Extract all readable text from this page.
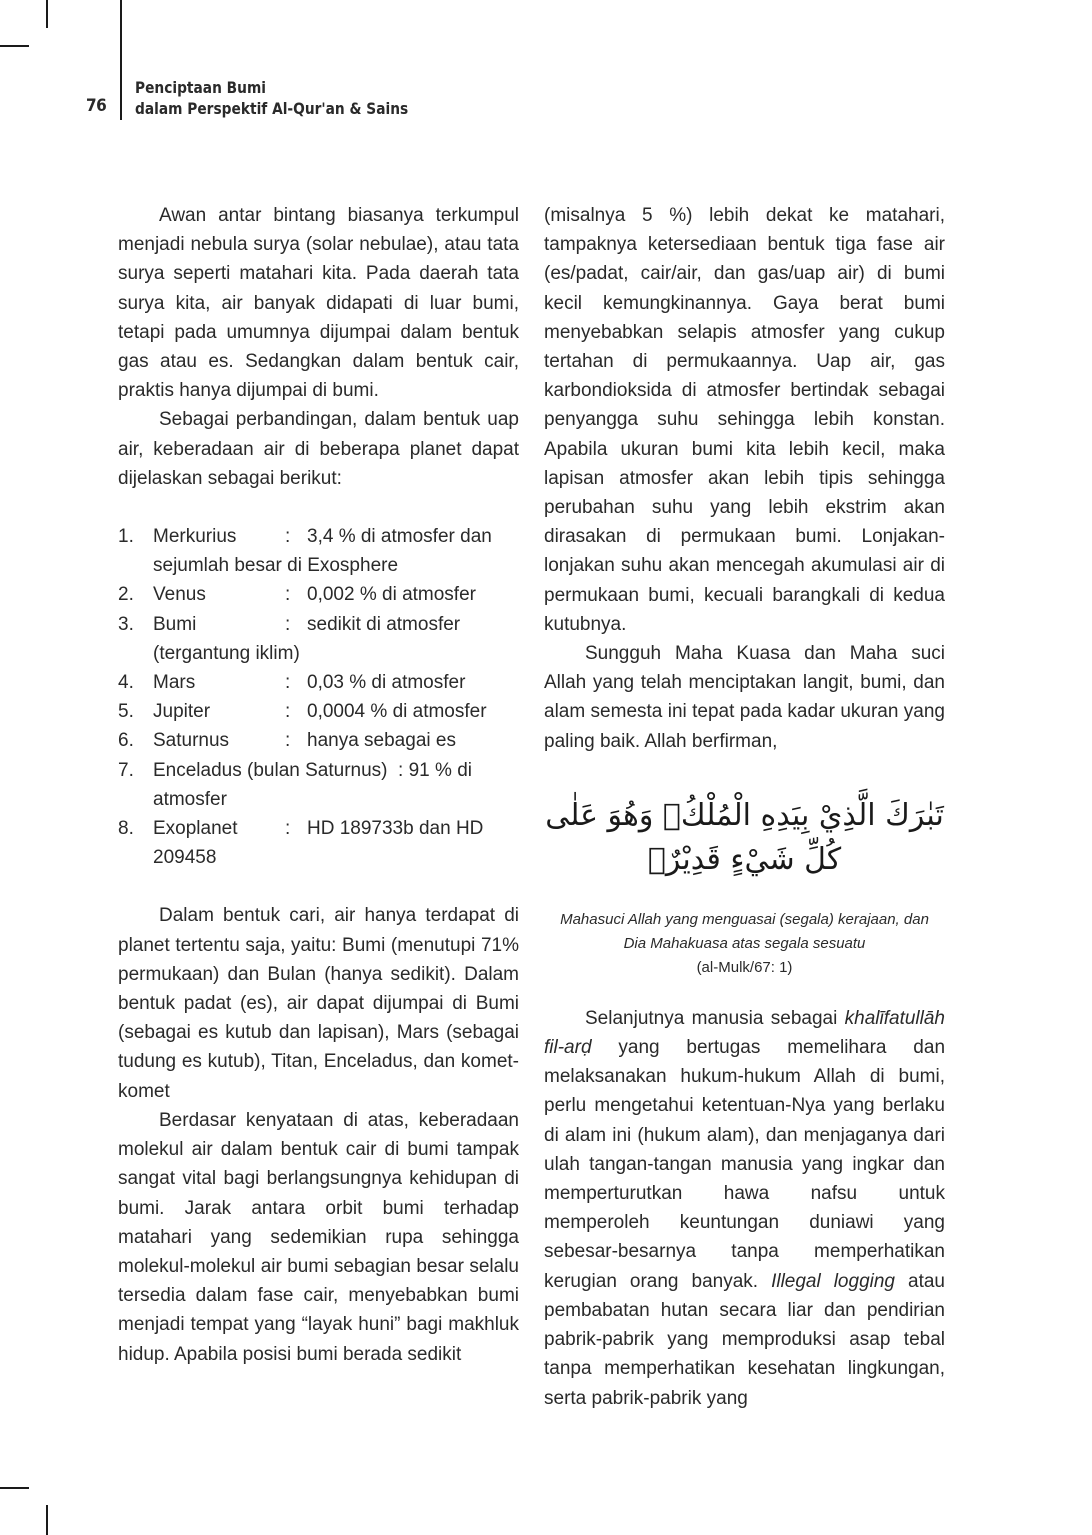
76
Penciptaan Bumi
dalam Perspektif Al-Qur'an & Sains

Awan antar bintang biasanya terkumpul menjadi nebula surya (solar nebulae), atau tata surya seperti matahari kita. Pada daerah tata surya kita, air banyak didapati di luar bumi, tetapi pada umumnya dijumpai dalam bentuk gas atau es. Sedangkan dalam bentuk cair, praktis hanya dijumpai di bumi.

Sebagai perbandingan, dalam bentuk uap air, keberadaan air di beberapa planet dapat dijelaskan sebagai berikut:

1. Merkurius	: 3,4 % di atmosfer dan sejumlah besar di Exosphere
2. Venus	: 0,002 % di atmosfer
3. Bumi	: sedikit di atmosfer (tergantung iklim)
4. Mars	: 0,03 % di atmosfer
5. Jupiter	: 0,0004 % di atmosfer
6. Saturnus	: hanya sebagai es
7. Enceladus (bulan Saturnus)  : 91 % di atmosfer
8. Exoplanet : HD 189733b dan HD 209458

Dalam bentuk cari, air hanya terdapat di planet tertentu saja, yaitu: Bumi (menutupi 71% permukaan) dan Bulan (hanya sedikit). Dalam bentuk padat (es), air dapat dijumpai di Bumi (sebagai es kutub dan lapisan), Mars (sebagai tudung es kutub), Titan, Enceladus, dan komet-komet

Berdasar kenyataan di atas, keberadaan molekul air dalam bentuk cair di bumi tampak sangat vital bagi berlangsungnya kehidupan di bumi. Jarak antara orbit bumi terhadap matahari yang sedemikian rupa sehingga molekul-molekul air bumi sebagian besar selalu tersedia dalam fase cair, menyebabkan bumi menjadi tempat yang “layak huni” bagi makhluk hidup. Apabila posisi bumi berada sedikit

(misalnya 5 %) lebih dekat ke matahari, tampaknya ketersediaan bentuk tiga fase air (es/padat, cair/air, dan gas/uap air) di bumi kecil kemungkinannya. Gaya berat bumi menyebabkan selapis atmosfer yang cukup tertahan di permukaannya. Uap air, gas karbondioksida di atmosfer bertindak sebagai penyangga suhu sehingga lebih konstan. Apabila ukuran bumi kita lebih kecil, maka lapisan atmosfer akan lebih tipis sehingga perubahan suhu yang lebih ekstrim akan dirasakan di permukaan bumi. Lonjakan-lonjakan suhu akan mencegah akumulasi air di permukaan bumi, kecuali barangkali di kedua kutubnya.

Sungguh Maha Kuasa dan Maha suci Allah yang telah menciptakan langit, bumi, dan alam semesta ini tepat pada kadar ukuran yang paling baik. Allah berfirman,

تَبٰرَكَ الَّذِيْ بِيَدِهِ الْمُلْكُۖ وَهُوَ عَلٰى كُلِّ شَيْءٍ قَدِيْرٌۙ

Mahasuci Allah yang menguasai (segala) kerajaan, dan
Dia Mahakuasa atas segala sesuatu

(al-Mulk/67: 1)

Selanjutnya manusia sebagai khalīfatullāh fil-arḍ yang bertugas memelihara dan melaksanakan hukum-hukum Allah di bumi, perlu mengetahui ketentuan-Nya yang berlaku di alam ini (hukum alam), dan menjaganya dari ulah tangan-tangan manusia yang ingkar dan memperturutkan hawa nafsu untuk memperoleh keuntungan duniawi yang sebesar-besarnya tanpa memperhatikan kerugian orang banyak. Illegal logging atau pembabatan hutan secara liar dan pendirian pabrik-pabrik yang memproduksi asap tebal tanpa memperhatikan kesehatan lingkungan, serta pabrik-pabrik yang
